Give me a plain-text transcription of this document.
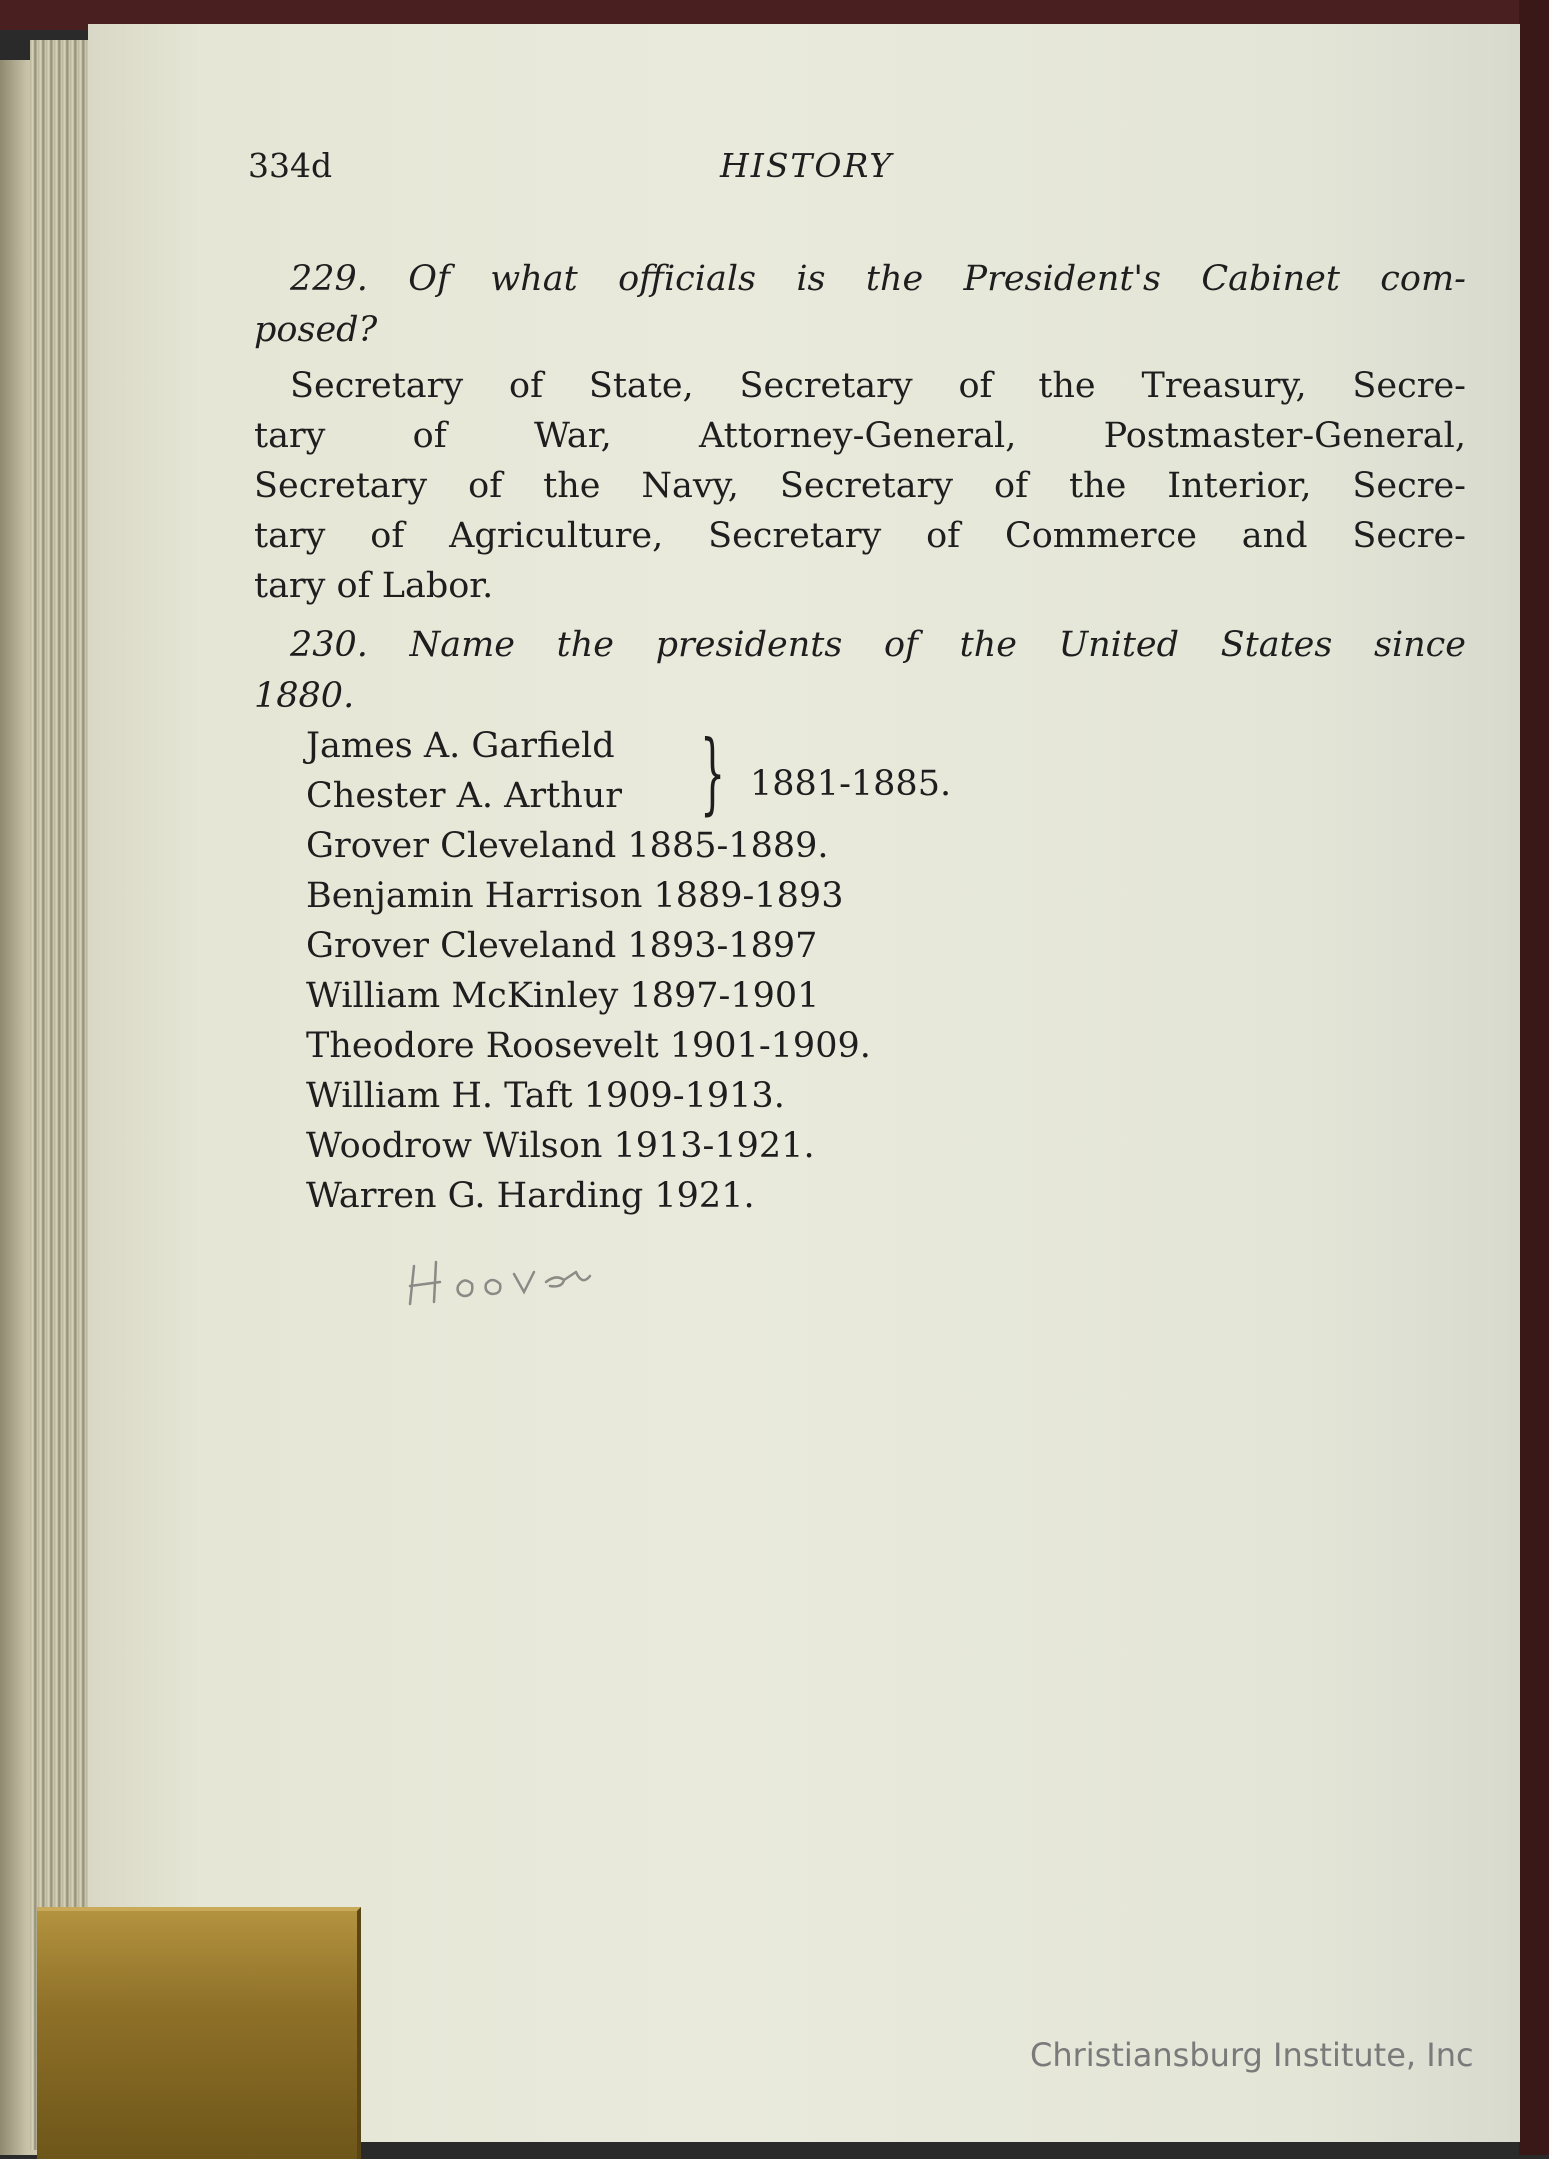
334d	HISTORY
229. Of what officials is the President's Cabinet com-
posed?
Secretary of State, Secretary of the Treasury, Secre-
tary of War, Attorney-General, Postmaster-General,
Secretary of the Navy, Secretary of the Interior, Secre-
tary of Agriculture, Secretary of Commerce and Secre-
tary of Labor.
230. Name the presidents of the United States since
1880.
James A. Garfield
Chester A. Arthur
Grover Cleveland 1885-1889.
Benjamin Harrison 1889-1893
Grover Cleveland 1893-1897
William McKinley 1897-1901
Theodore Roosevelt 1901-1909.
William H. Taft 1909-1913.
Woodrow Wilson 1913-1921.
Warren G. Harding 1921.
} 1881-1885.
Christiansburg Institute, Inc
